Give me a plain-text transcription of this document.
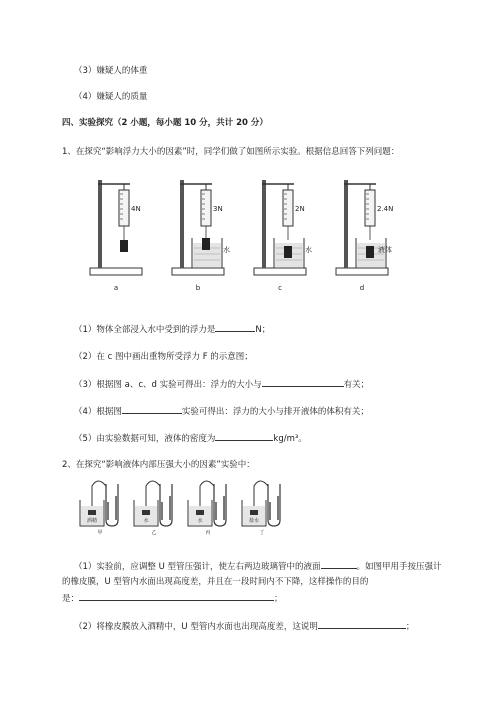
（3）嫌疑人的体重
（4）嫌疑人的质量
四、实验探究（2 小题，每小题 10 分，共计 20 分）
1、在探究“影响浮力大小的因素”时，同学们做了如图所示实验。根据信息回答下列问题：
4N
a
3N
水
b
2N
水
c
2.4N
液体
d
（1）物体全部浸入水中受到的浮力是	N；
（2）在 c 图中画出重物所受浮力 F 的示意图；
（3）根据图 a、c、d 实验可得出：浮力的大小与	有关；
（4）根据图	实验可得出：浮力的大小与排开液体的体积有关；
（5）由实验数据可知，液体的密度为	kg/m³。
2、在探究“影响液体内部压强大小的因素”实验中：
酒精
甲
水
乙
水
丙
盐水
丁
（1）实验前，应调整 U 型管压强计，使左右两边玻璃管中的液面	。如图甲用手按压强计
的橡皮膜，U 型管内水面出现高度差，并且在一段时间内不下降，这样操作的目的
是：	；
（2）将橡皮膜放入酒精中，U 型管内水面也出现高度差，这说明	；
